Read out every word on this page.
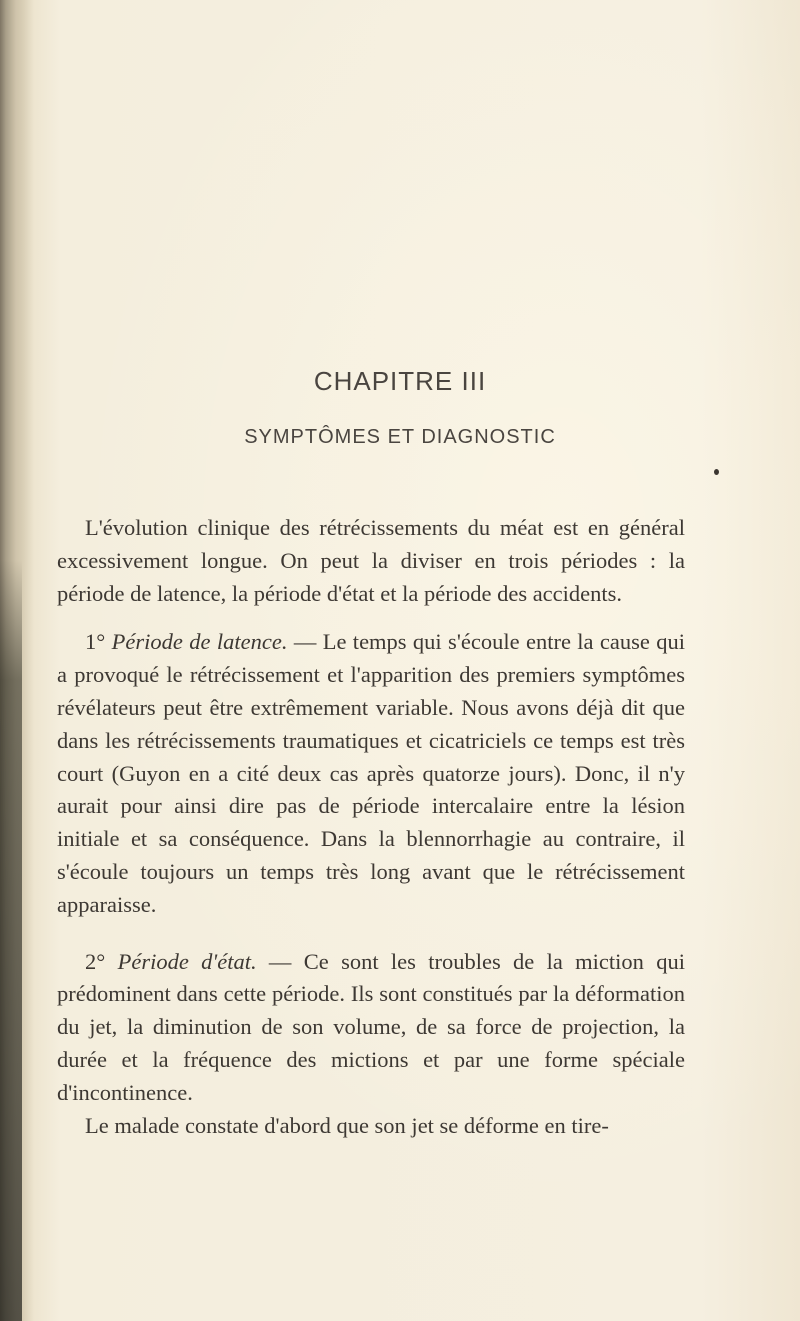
CHAPITRE III
SYMPTÔMES ET DIAGNOSTIC

L'évolution clinique des rétrécissements du méat est en général excessivement longue. On peut la diviser en trois périodes : la période de latence, la période d'état et la période des accidents.

1° Période de latence. — Le temps qui s'écoule entre la cause qui a provoqué le rétrécissement et l'apparition des premiers symptômes révélateurs peut être extrêmement variable. Nous avons déjà dit que dans les rétrécissements traumatiques et cicatriciels ce temps est très court (Guyon en a cité deux cas après quatorze jours). Donc, il n'y aurait pour ainsi dire pas de période intercalaire entre la lésion initiale et sa conséquence. Dans la blennorrhagie au contraire, il s'écoule toujours un temps très long avant que le rétrécissement apparaisse.

2° Période d'état. — Ce sont les troubles de la miction qui prédominent dans cette période. Ils sont constitués par la déformation du jet, la diminution de son volume, de sa force de projection, la durée et la fréquence des mictions et par une forme spéciale d'incontinence.

Le malade constate d'abord que son jet se déforme en tire-
